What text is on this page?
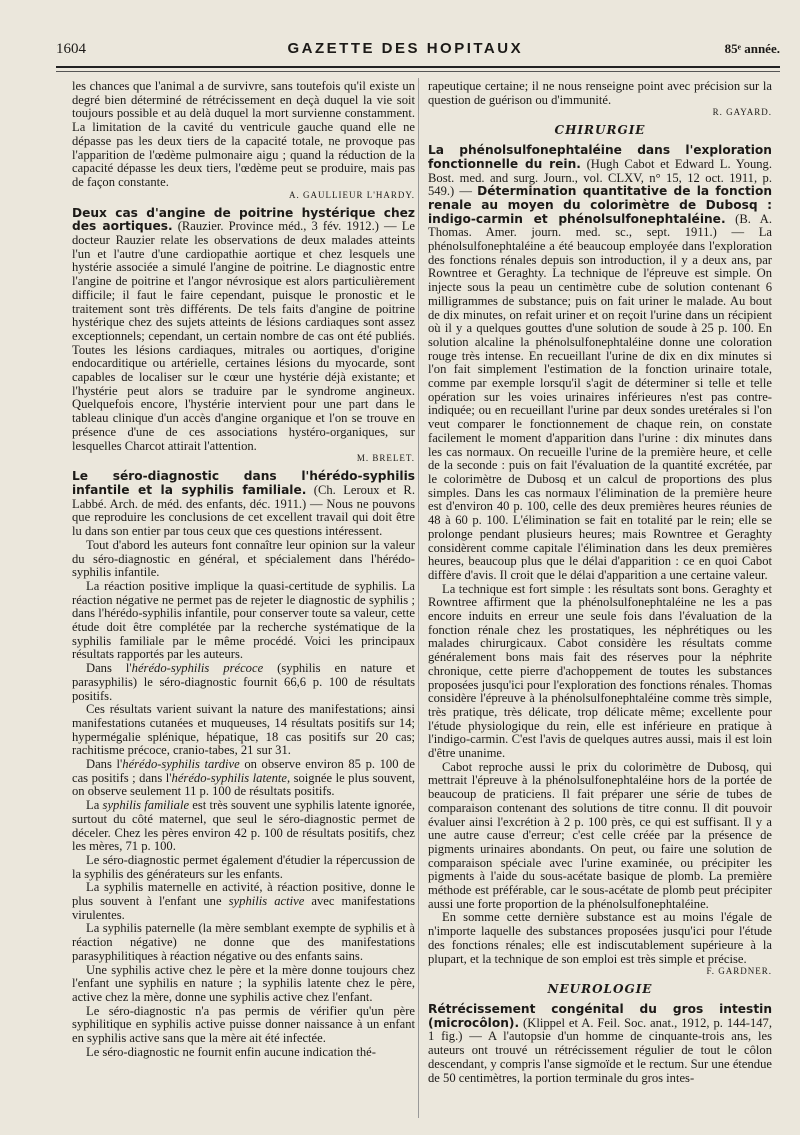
1604	GAZETTE DES HOPITAUX	85ᵉ année.

les chances que l'animal a de survivre, sans toutefois qu'il existe un degré bien déterminé de rétrécissement en deçà duquel la vie soit toujours possible et au delà duquel la mort survienne constamment. La limitation de la cavité du ventricule gauche quand elle ne dépasse pas les deux tiers de la capacité totale, ne provoque pas l'apparition de l'œdème pulmonaire aigu ; quand la réduction de la capacité dépasse les deux tiers, l'œdème peut se produire, mais pas de façon constante.

A. GAULLIEUR L'HARDY.

Deux cas d'angine de poitrine hystérique chez des aortiques. (Rauzier. Province méd., 3 fév. 1912.) — Le docteur Rauzier relate les observations de deux malades atteints l'un et l'autre d'une cardiopathie aortique et chez lesquels une hystérie associée a simulé l'angine de poitrine. Le diagnostic entre l'angine de poitrine et l'angor névrosique est alors particulièrement difficile; il faut le faire cependant, puisque le pronostic et le traitement sont très différents. De tels faits d'angine de poitrine hystérique chez des sujets atteints de lésions cardiaques sont assez exceptionnels; cependant, un certain nombre de cas ont été publiés. Toutes les lésions cardiaques, mitrales ou aortiques, d'origine endocarditique ou artérielle, certaines lésions du myocarde, sont capables de localiser sur le cœur une hystérie déjà existante; et l'hystérie peut alors se traduire par le syndrome angineux. Quelquefois encore, l'hystérie intervient pour une part dans le tableau clinique d'un accès d'angine organique et l'on se trouve en présence d'une de ces associations hystéro-organiques, sur lesquelles Charcot attirait l'attention.

M. BRELET.

Le séro-diagnostic dans l'hérédo-syphilis infantile et la syphilis familiale. (Ch. Leroux et R. Labbé. Arch. de méd. des enfants, déc. 1911.) — Nous ne pouvons que reproduire les conclusions de cet excellent travail qui doit être lu dans son entier par tous ceux que ces questions intéressent.

Tout d'abord les auteurs font connaître leur opinion sur la valeur du séro-diagnostic en général, et spécialement dans l'hérédo-syphilis infantile.

La réaction positive implique la quasi-certitude de syphilis. La réaction négative ne permet pas de rejeter le diagnostic de syphilis ; dans l'hérédo-syphilis infantile, pour conserver toute sa valeur, cette étude doit être complétée par la recherche systématique de la syphilis familiale par le même procédé. Voici les principaux résultats rapportés par les auteurs.

Dans l'hérédo-syphilis précoce (syphilis en nature et parasyphilis) le séro-diagnostic fournit 66,6 p. 100 de résultats positifs.

Ces résultats varient suivant la nature des manifestations; ainsi manifestations cutanées et muqueuses, 14 résultats positifs sur 14; hypermégalie splénique, hépatique, 18 cas positifs sur 20 cas; rachitisme précoce, cranio-tabes, 21 sur 31.

Dans l'hérédo-syphilis tardive on observe environ 85 p. 100 de cas positifs ; dans l'hérédo-syphilis latente, soignée le plus souvent, on observe seulement 11 p. 100 de résultats positifs.

La syphilis familiale est très souvent une syphilis latente ignorée, surtout du côté maternel, que seul le séro-diagnostic permet de déceler. Chez les pères environ 42 p. 100 de résultats positifs, chez les mères, 71 p. 100.

Le séro-diagnostic permet également d'étudier la répercussion de la syphilis des générateurs sur les enfants.

La syphilis maternelle en activité, à réaction positive, donne le plus souvent à l'enfant une syphilis active avec manifestations virulentes.

La syphilis paternelle (la mère semblant exempte de syphilis et à réaction négative) ne donne que des manifestations parasyphilitiques à réaction négative ou des enfants sains.

Une syphilis active chez le père et la mère donne toujours chez l'enfant une syphilis en nature ; la syphilis latente chez le père, active chez la mère, donne une syphilis active chez l'enfant.

Le séro-diagnostic n'a pas permis de vérifier qu'un père syphilitique en syphilis active puisse donner naissance à un enfant en syphilis active sans que la mère ait été infectée.

Le séro-diagnostic ne fournit enfin aucune indication thé-

rapeutique certaine; il ne nous renseigne point avec précision sur la question de guérison ou d'immunité.

R. GAYARD.
CHIRURGIE

La phénolsulfonephtaléine dans l'exploration fonctionnelle du rein. (Hugh Cabot et Edward L. Young. Bost. med. and surg. Journ., vol. CLXV, n° 15, 12 oct. 1911, p. 549.) — Détermination quantitative de la fonction renale au moyen du colorimètre de Dubosq : indigo-carmin et phénolsulfonephtaléine. (B. A. Thomas. Amer. journ. med. sc., sept. 1911.) — La phénolsulfonephtaléine a été beaucoup employée dans l'exploration des fonctions rénales depuis son introduction, il y a deux ans, par Rowntree et Geraghty. La technique de l'épreuve est simple. On injecte sous la peau un centimètre cube de solution contenant 6 milligrammes de substance; puis on fait uriner le malade. Au bout de dix minutes, on refait uriner et on reçoit l'urine dans un récipient où il y a quelques gouttes d'une solution de soude à 25 p. 100. En solution alcaline la phénolsulfonephtaléine donne une coloration rouge très intense. En recueillant l'urine de dix en dix minutes si l'on fait simplement l'estimation de la fonction urinaire totale, comme par exemple lorsqu'il s'agit de déterminer si telle et telle opération sur les voies urinaires inférieures n'est pas contre-indiquée; ou en recueillant l'urine par deux sondes uretérales si l'on veut comparer le fonctionnement de chaque rein, on constate facilement le moment d'apparition dans l'urine : dix minutes dans les cas normaux. On recueille l'urine de la première heure, et celle de la seconde : puis on fait l'évaluation de la quantité excrétée, par le colorimètre de Dubosq et un calcul de proportions des plus simples. Dans les cas normaux l'élimination de la première heure est d'environ 40 p. 100, celle des deux premières heures réunies de 48 à 60 p. 100. L'élimination se fait en totalité par le rein; elle se prolonge pendant plusieurs heures; mais Rowntree et Geraghty considèrent comme capitale l'élimination dans les deux premières heures, beaucoup plus que le délai d'apparition : ce en quoi Cabot diffère d'avis. Il croit que le délai d'apparition a une certaine valeur.

La technique est fort simple : les résultats sont bons. Geraghty et Rowntree affirment que la phénolsulfonephtaléine ne les a pas encore induits en erreur une seule fois dans l'évaluation de la fonction rénale chez les prostatiques, les néphrétiques ou les malades chirurgicaux. Cabot considère les résultats comme généralement bons mais fait des réserves pour la néphrite chronique, cette pierre d'achoppement de toutes les substances proposées jusqu'ici pour l'exploration des fonctions rénales. Thomas considère l'épreuve à la phénolsulfonephtaléine comme très simple, très pratique, très délicate, trop délicate même; excellente pour l'étude physiologique du rein, elle est inférieure en pratique à l'indigo-carmin. C'est l'avis de quelques autres aussi, mais il est loin d'être unanime.

Cabot reproche aussi le prix du colorimètre de Dubosq, qui mettrait l'épreuve à la phénolsulfonephtaléine hors de la portée de beaucoup de praticiens. Il fait préparer une série de tubes de comparaison contenant des solutions de titre connu. Il dit pouvoir évaluer ainsi l'excrétion à 2 p. 100 près, ce qui est suffisant. Il y a une autre cause d'erreur; c'est celle créée par la présence de pigments urinaires abondants. On peut, ou faire une solution de comparaison spéciale avec l'urine examinée, ou précipiter les pigments à l'aide du sous-acétate basique de plomb. La première méthode est préférable, car le sous-acétate de plomb peut précipiter aussi une forte proportion de la phénolsulfonephtaléine.

En somme cette dernière substance est au moins l'égale de n'importe laquelle des substances proposées jusqu'ici pour l'étude des fonctions rénales; elle est indiscutablement supérieure à la plupart, et la technique de son emploi est très simple et précise.

F. GARDNER.
NEUROLOGIE

Rétrécissement congénital du gros intestin (microcôlon). (Klippel et A. Feil. Soc. anat., 1912, p. 144-147, 1 fig.) — A l'autopsie d'un homme de cinquante-trois ans, les auteurs ont trouvé un rétrécissement régulier de tout le côlon descendant, y compris l'anse sigmoïde et le rectum. Sur une étendue de 50 centimètres, la portion terminale du gros intes-
